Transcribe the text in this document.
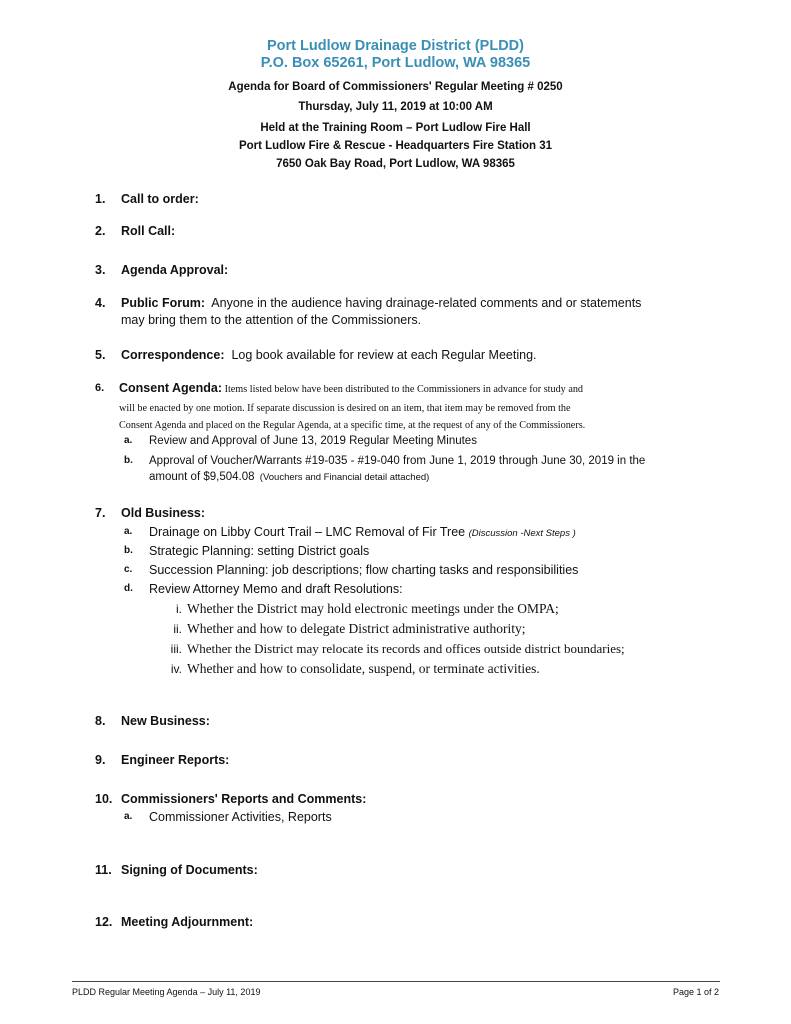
Port Ludlow Drainage District (PLDD)
P.O. Box 65261, Port Ludlow, WA 98365
Agenda for Board of Commissioners' Regular Meeting # 0250
Thursday, July 11, 2019 at 10:00 AM
Held at the Training Room – Port Ludlow Fire Hall
Port Ludlow Fire & Rescue - Headquarters Fire Station 31
7650 Oak Bay Road, Port Ludlow, WA 98365
1.	Call to order:
2.	Roll Call:
3.	Agenda Approval:
4.	Public Forum:  Anyone in the audience having drainage-related comments and or statements
may bring them to the attention of the Commissioners.
5.	Correspondence:  Log book available for review at each Regular Meeting.
6.	Consent Agenda: Items listed below have been distributed to the Commissioners in advance for study and
will be enacted by one motion. If separate discussion is desired on an item, that item may be removed from the
Consent Agenda and placed on the Regular Agenda, at a specific time, at the request of any of the Commissioners.
a. Review and Approval of June 13, 2019 Regular Meeting Minutes
b. Approval of Voucher/Warrants #19-035 - #19-040 from June 1, 2019 through June 30, 2019 in the
amount of $9,504.08  (Vouchers and Financial detail attached)
7.	Old Business:
a. Drainage on Libby Court Trail – LMC Removal of Fir Tree (Discussion -Next Steps )
b. Strategic Planning: setting District goals
c. Succession Planning: job descriptions; flow charting tasks and responsibilities
d. Review Attorney Memo and draft Resolutions:
i. Whether the District may hold electronic meetings under the OMPA;
ii. Whether and how to delegate District administrative authority;
iii. Whether the District may relocate its records and offices outside district boundaries;
iv. Whether and how to consolidate, suspend, or terminate activities.
8.	New Business:
9.	Engineer Reports:
10. Commissioners' Reports and Comments:
a. Commissioner Activities, Reports
11. Signing of Documents:
12. Meeting Adjournment:
PLDD Regular Meeting Agenda – July 11, 2019	Page 1 of 2
